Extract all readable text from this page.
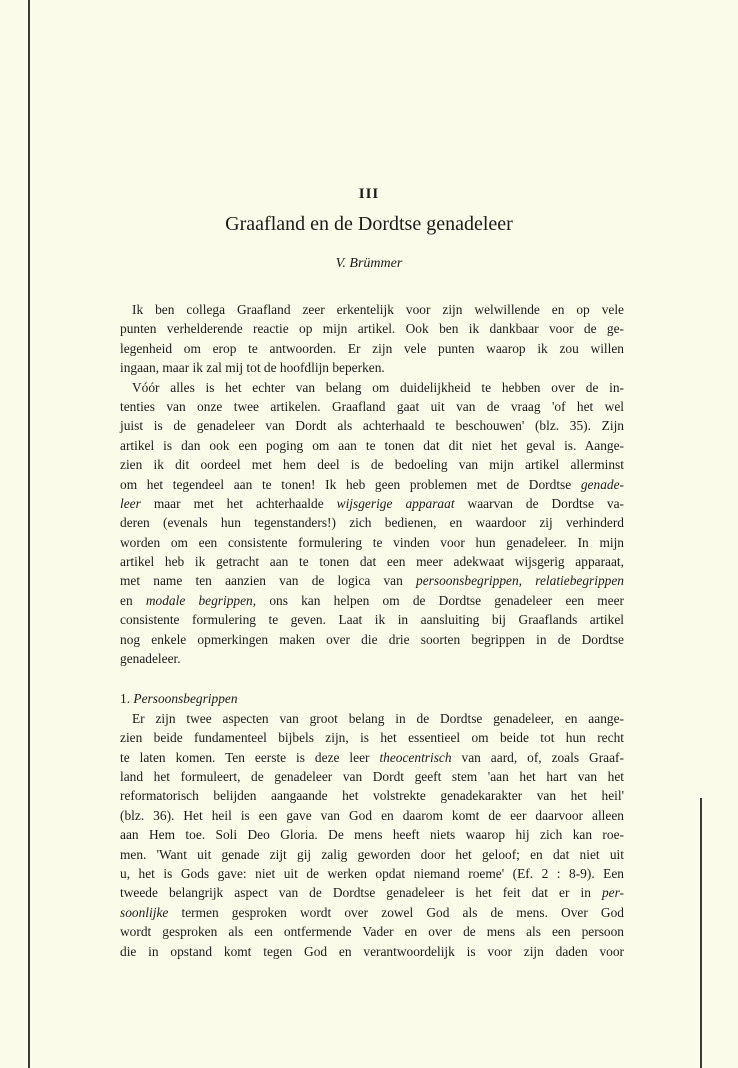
III
Graafland en de Dordtse genadeleer
V. Brümmer
Ik ben collega Graafland zeer erkentelijk voor zijn welwillende en op vele
punten verhelderende reactie op mijn artikel. Ook ben ik dankbaar voor de ge-
legenheid om erop te antwoorden. Er zijn vele punten waarop ik zou willen
ingaan, maar ik zal mij tot de hoofdlijn beperken.
Vóór alles is het echter van belang om duidelijkheid te hebben over de in-
tenties van onze twee artikelen. Graafland gaat uit van de vraag 'of het wel
juist is de genadeleer van Dordt als achterhaald te beschouwen' (blz. 35). Zijn
artikel is dan ook een poging om aan te tonen dat dit niet het geval is. Aange-
zien ik dit oordeel met hem deel is de bedoeling van mijn artikel allerminst
om het tegendeel aan te tonen! Ik heb geen problemen met de Dordtse genade-
leer maar met het achterhaalde wijsgerige apparaat waarvan de Dordtse va-
deren (evenals hun tegenstanders!) zich bedienen, en waardoor zij verhinderd
worden om een consistente formulering te vinden voor hun genadeleer. In mijn
artikel heb ik getracht aan te tonen dat een meer adekwaat wijsgerig apparaat,
met name ten aanzien van de logica van persoonsbegrippen, relatiebegrippen
en modale begrippen, ons kan helpen om de Dordtse genadeleer een meer
consistente formulering te geven. Laat ik in aansluiting bij Graaflands artikel
nog enkele opmerkingen maken over die drie soorten begrippen in de Dordtse
genadeleer.
1. Persoonsbegrippen
Er zijn twee aspecten van groot belang in de Dordtse genadeleer, en aange-
zien beide fundamenteel bijbels zijn, is het essentieel om beide tot hun recht
te laten komen. Ten eerste is deze leer theocentrisch van aard, of, zoals Graaf-
land het formuleert, de genadeleer van Dordt geeft stem 'aan het hart van het
reformatorisch belijden aangaande het volstrekte genadekarakter van het heil'
(blz. 36). Het heil is een gave van God en daarom komt de eer daarvoor alleen
aan Hem toe. Soli Deo Gloria. De mens heeft niets waarop hij zich kan roe-
men. 'Want uit genade zijt gij zalig geworden door het geloof; en dat niet uit
u, het is Gods gave: niet uit de werken opdat niemand roeme' (Ef. 2 : 8-9). Een
tweede belangrijk aspect van de Dordtse genadeleer is het feit dat er in per-
soonlijke termen gesproken wordt over zowel God als de mens. Over God
wordt gesproken als een ontfermende Vader en over de mens als een persoon
die in opstand komt tegen God en verantwoordelijk is voor zijn daden voor
